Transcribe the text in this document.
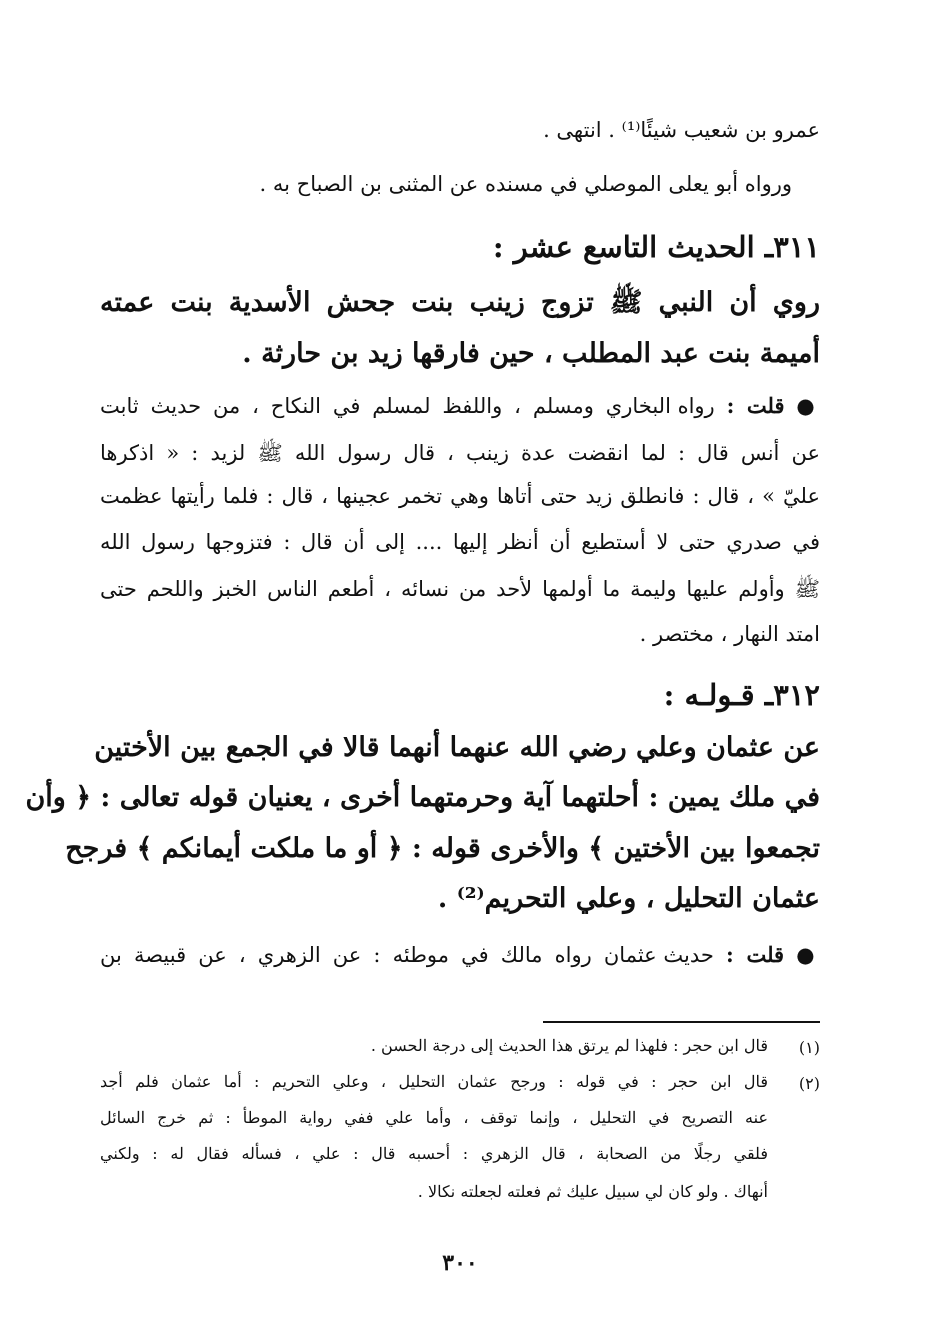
عمرو بن شعيب شيئًا⁽¹⁾ . انتهى .
ورواه أبو يعلى الموصلي في مسنده عن المثنى بن الصباح به .
٣١١ـ الحديث التاسع عشر :
روي أن النبي ﷺ تزوج زينب بنت جحش الأسدية بنت عمته
أميمة بنت عبد المطلب ، حين فارقها زيد بن حارثة .
● قلت : رواه البخاري ومسلم ، واللفظ لمسلم في النكاح ، من حديث ثابت
عن أنس قال : لما انقضت عدة زينب ، قال رسول الله ﷺ لزيد : « اذكرها
عليّ » ، قال : فانطلق زيد حتى أتاها وهي تخمر عجينها ، قال : فلما رأيتها عظمت
في صدري حتى لا أستطيع أن أنظر إليها .... إلى أن قال : فتزوجها رسول الله
ﷺ وأولم عليها وليمة ما أولمها لأحد من نسائه ، أطعم الناس الخبز واللحم حتى
امتد النهار ، مختصر .
٣١٢ـ قـولـه :
عن عثمان وعلي رضي الله عنهما أنهما قالا في الجمع بين الأختين
في ملك يمين : أحلتهما آية وحرمتهما أخرى ، يعنيان قوله تعالى : ﴿ وأن
تجمعوا بين الأختين ﴾ والأخرى قوله : ﴿ أو ما ملكت أيمانكم ﴾ فرجح
عثمان التحليل ، وعلي التحريم⁽²⁾ .
● قلت : حديث عثمان رواه مالك في موطئه : عن الزهري ، عن قبيصة بن
(١)
قال ابن حجر : فلهذا لم يرتق هذا الحديث إلى درجة الحسن .
(٢)
قال ابن حجر : في قوله : ورجح عثمان التحليل ، وعلي التحريم : أما عثمان فلم أجد
عنه التصريح في التحليل ، وإنما توقف ، وأما علي ففي رواية الموطأ : ثم خرج السائل
فلقي رجلًا من الصحابة ، قال الزهري : أحسبه قال : علي ، فسأله فقال له : ولكني
أنهاك . ولو كان لي سبيل عليك ثم فعلته لجعلته نكالا .
٣٠٠
